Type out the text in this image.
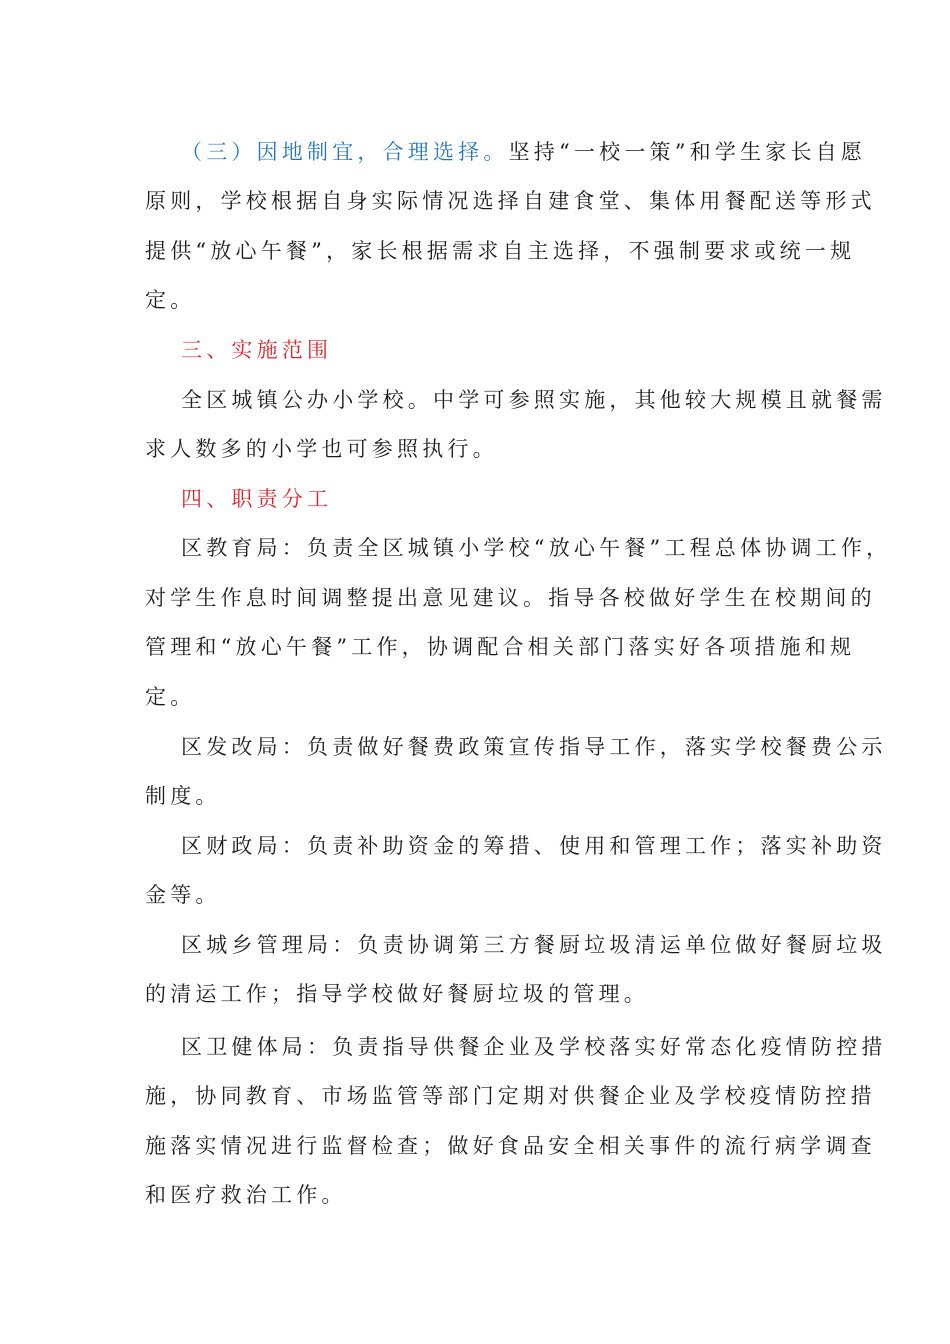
（三）因地制宜，合理选择。坚持“一校一策”和学生家长自愿
原则，学校根据自身实际情况选择自建食堂、集体用餐配送等形式
提供“放心午餐”，家长根据需求自主选择，不强制要求或统一规
定。
三、实施范围
全区城镇公办小学校。中学可参照实施，其他较大规模且就餐需
求人数多的小学也可参照执行。
四、职责分工
区教育局：负责全区城镇小学校“放心午餐”工程总体协调工作，
对学生作息时间调整提出意见建议。指导各校做好学生在校期间的
管理和“放心午餐”工作，协调配合相关部门落实好各项措施和规
定。
区发改局：负责做好餐费政策宣传指导工作，落实学校餐费公示
制度。
区财政局：负责补助资金的筹措、使用和管理工作；落实补助资
金等。
区城乡管理局：负责协调第三方餐厨垃圾清运单位做好餐厨垃圾
的清运工作；指导学校做好餐厨垃圾的管理。
区卫健体局：负责指导供餐企业及学校落实好常态化疫情防控措
施，协同教育、市场监管等部门定期对供餐企业及学校疫情防控措
施落实情况进行监督检查；做好食品安全相关事件的流行病学调查
和医疗救治工作。
